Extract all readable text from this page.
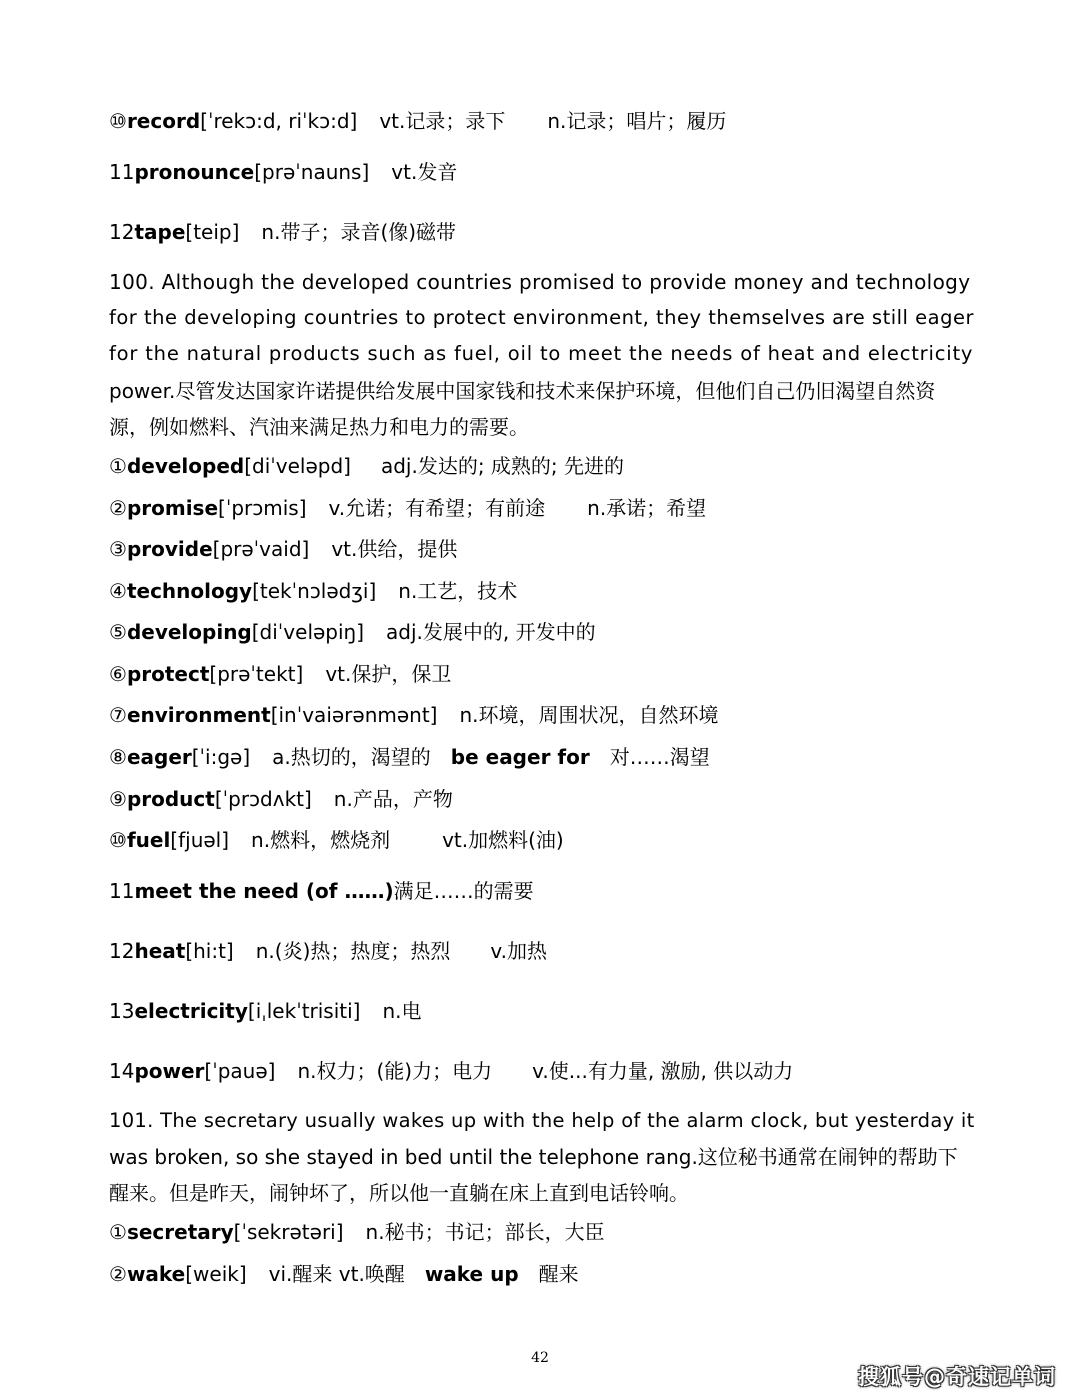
⑩record[ˈrekɔ:d, riˈkɔ:d] vt.记录；录下 n.记录；唱片；履历
11pronounce[prəˈnauns] vt.发音
12tape[teip] n.带子；录音(像)磁带
100. Although the developed countries promised to provide money and technology
for the developing countries to protect environment, they themselves are still eager
for the natural products such as fuel, oil to meet the needs of heat and electricity
power.尽管发达国家许诺提供给发展中国家钱和技术来保护环境，但他们自己仍旧渴望自然资
源，例如燃料、汽油来满足热力和电力的需要。
①developed[diˈveləpd] adj.发达的; 成熟的; 先进的
②promise[ˈprɔmis] v.允诺；有希望；有前途 n.承诺；希望
③provide[prəˈvaid] vt.供给，提供
④technology[tekˈnɔlədʒi] n.工艺，技术
⑤developing[diˈveləpiŋ] adj.发展中的, 开发中的
⑥protect[prəˈtekt] vt.保护，保卫
⑦environment[inˈvaiərənmənt] n.环境，周围状况，自然环境
⑧eager[ˈi:gə] a.热切的，渴望的 be eager for 对……渴望
⑨product[ˈprɔdʌkt] n.产品，产物
⑩fuel[fjuəl] n.燃料，燃烧剂	vt.加燃料(油)
11meet the need (of ……)满足……的需要
12heat[hi:t] n.(炎)热；热度；热烈 v.加热
13electricity[iˌlekˈtrisiti] n.电
14power[ˈpauə] n.权力；(能)力；电力 v.使...有力量, 激励, 供以动力
101. The secretary usually wakes up with the help of the alarm clock, but yesterday it
was broken, so she stayed in bed until the telephone rang.这位秘书通常在闹钟的帮助下
醒来。但是昨天，闹钟坏了，所以他一直躺在床上直到电话铃响。
①secretary[ˈsekrətəri] n.秘书；书记；部长，大臣
②wake[weik] vi.醒来 vt.唤醒 wake up 醒来
42
搜狐号@奇速记单词
